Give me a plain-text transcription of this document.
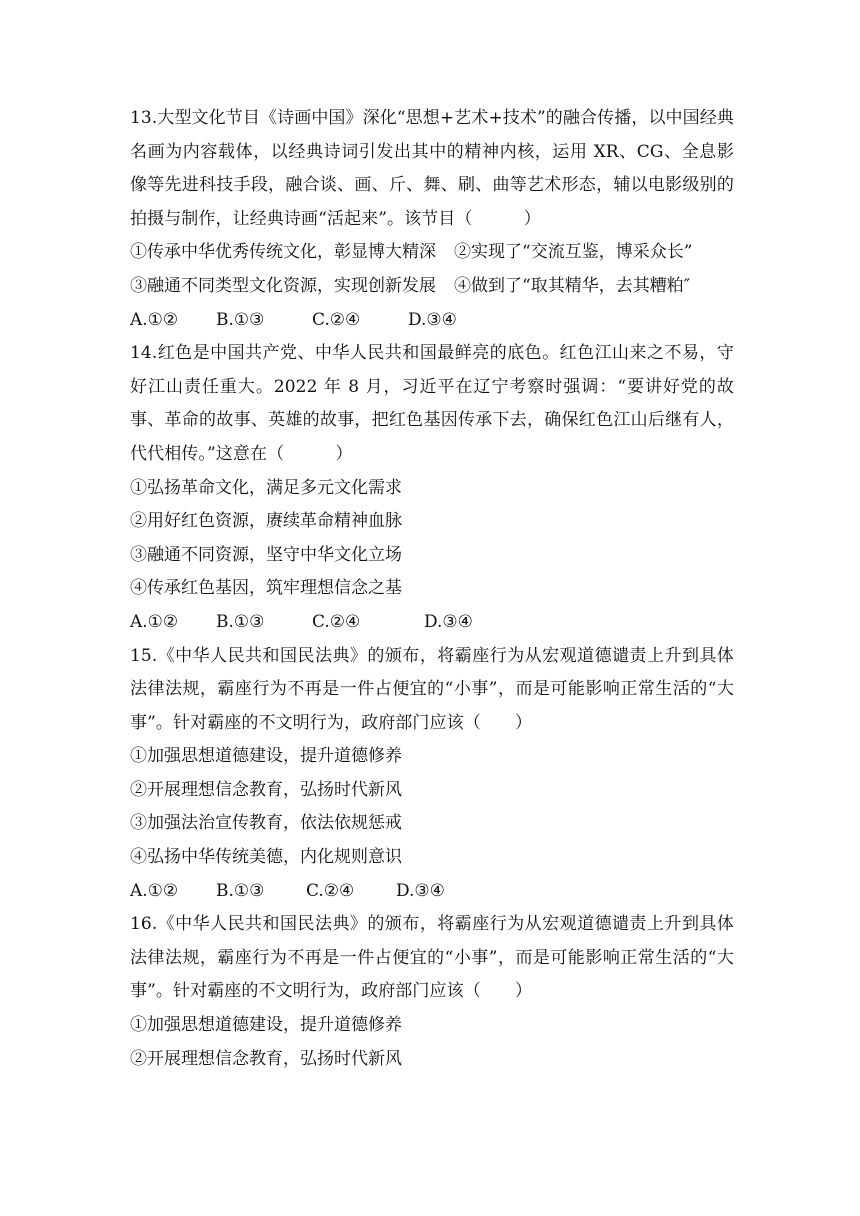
13.大型文化节目《诗画中国》深化“思想+艺术+技术”的融合传播，以中国经典名画为内容载体，以经典诗词引发出其中的精神内核，运用 XR、CG、全息影像等先进科技手段，融合谈、画、斤、舞、刷、曲等艺术形态，辅以电影级别的拍摄与制作，让经典诗画“活起来”。该节目（　　　）

①传承中华优秀传统文化，彰显博大精深 ②实现了“交流互鉴，博采众长”

③融通不同类型文化资源，实现创新发展 ④做到了“取其精华，去其糟粕″

A.①② B.①③	C.②④	D.③④

14.红色是中国共产党、中华人民共和国最鲜亮的底色。红色江山来之不易，守好江山责任重大。2022 年 8 月，习近平在辽宁考察时强调：“要讲好党的故事、革命的故事、英雄的故事，把红色基因传承下去，确保红色江山后继有人，代代相传。”这意在（　　　）

①弘扬革命文化，满足多元文化需求

②用好红色资源，赓续革命精神血脉

③融通不同资源，坚守中华文化立场

④传承红色基因，筑牢理想信念之基

A.①② B.①③	C.②④	D.③④

15.《中华人民共和国民法典》的颁布，将霸座行为从宏观道德谴责上升到具体法律法规，霸座行为不再是一件占便宜的“小事”，而是可能影响正常生活的“大事”。针对霸座的不文明行为，政府部门应该（　　）

①加强思想道德建设，提升道德修养

②开展理想信念教育，弘扬时代新风

③加强法治宣传教育，依法依规惩戒

④弘扬中华传统美德，内化规则意识

A.①② B.①③ C.②④ D.③④

16.《中华人民共和国民法典》的颁布，将霸座行为从宏观道德谴责上升到具体法律法规，霸座行为不再是一件占便宜的“小事”，而是可能影响正常生活的“大事”。针对霸座的不文明行为，政府部门应该（　　）

①加强思想道德建设，提升道德修养

②开展理想信念教育，弘扬时代新风
